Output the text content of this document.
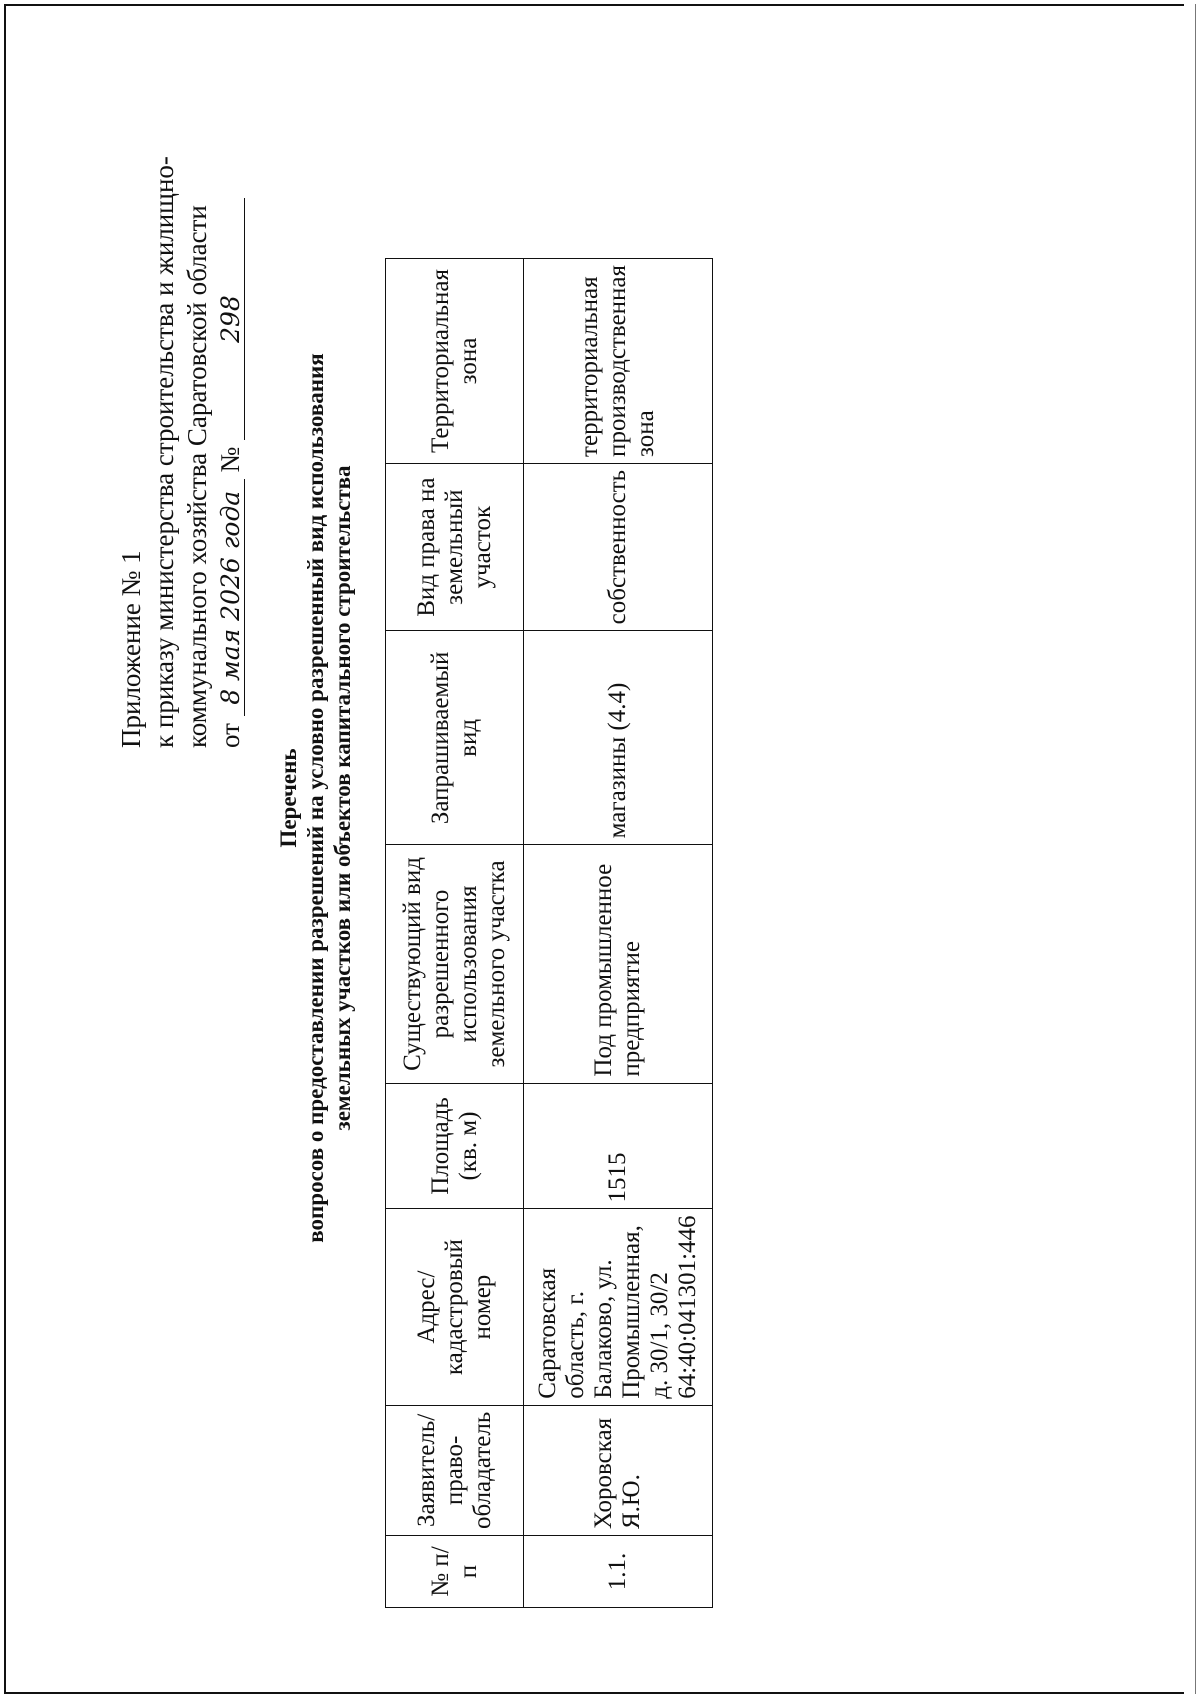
Приложение № 1 к приказу министерства строительства и жилищно- коммунального хозяйства Саратовской области от 8 мая 2026 года № 298
Перечень вопросов о предоставлении разрешений на условно разрешенный вид использования земельных участков или объектов капитального строительства
№ п/п	Заявитель/ право-обладатель	Адрес/ кадастровый номер	Площадь (кв. м)	Существующий вид разрешенного использования земельного участка	Запрашиваемый вид	Вид права на земельный участок	Территориальная зона
1.1.	Хоровская Я.Ю.	Саратовская область, г. Балаково, ул. Промышленная, д. 30/1, 30/2 64:40:041301:446	1515	Под промышленное предприятие	магазины (4.4)	собственность	территориальная производственная зона
